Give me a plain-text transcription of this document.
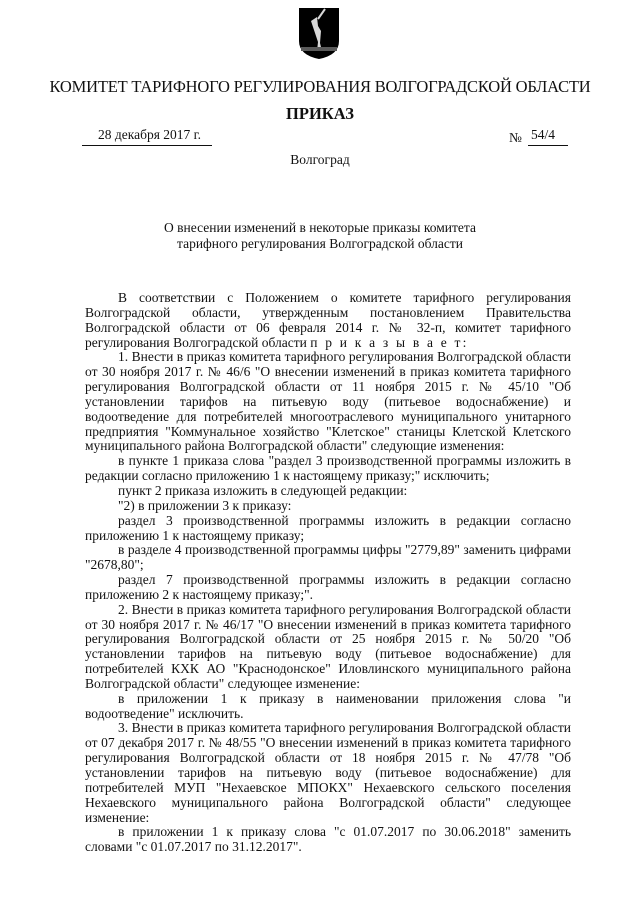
КОМИТЕТ ТАРИФНОГО РЕГУЛИРОВАНИЯ ВОЛГОГРАДСКОЙ ОБЛАСТИ
ПРИКАЗ
28 декабря 2017 г.	№ 54/4
Волгоград
О внесении изменений в некоторые приказы комитета
тарифного регулирования Волгоградской области

В соответствии с Положением о комитете тарифного регулирования Волгоградской области, утвержденным постановлением Правительства Волгоградской области от 06 февраля 2014 г. № 32-п, комитет тарифного регулирования Волгоградской области п р и к а з ы в а е т:

1. Внести в приказ комитета тарифного регулирования Волгоградской области от 30 ноября 2017 г. № 46/6 "О внесении изменений в приказ комитета тарифного регулирования Волгоградской области от 11 ноября 2015 г. № 45/10 "Об установлении тарифов на питьевую воду (питьевое водоснабжение) и водоотведение для потребителей многоотраслевого муниципального унитарного предприятия "Коммунальное хозяйство "Клетское" станицы Клетской Клетского муниципального района Волгоградской области" следующие изменения:

в пункте 1 приказа слова "раздел 3 производственной программы изложить в редакции согласно приложению 1 к настоящему приказу;" исключить;

пункт 2 приказа изложить в следующей редакции:

"2) в приложении 3 к приказу:

раздел 3 производственной программы изложить в редакции согласно приложению 1 к настоящему приказу;

в разделе 4 производственной программы цифры "2779,89" заменить цифрами "2678,80";

раздел 7 производственной программы изложить в редакции согласно приложению 2 к настоящему приказу;".

2. Внести в приказ комитета тарифного регулирования Волгоградской области от 30 ноября 2017 г. № 46/17 "О внесении изменений в приказ комитета тарифного регулирования Волгоградской области от 25 ноября 2015 г. № 50/20 "Об установлении тарифов на питьевую воду (питьевое водоснабжение) для потребителей КХК АО "Краснодонское" Иловлинского муниципального района Волгоградской области" следующее изменение:

в приложении 1 к приказу в наименовании приложения слова "и водоотведение" исключить.

3. Внести в приказ комитета тарифного регулирования Волгоградской области от 07 декабря 2017 г. № 48/55 "О внесении изменений в приказ комитета тарифного регулирования Волгоградской области от 18 ноября 2015 г. № 47/78 "Об установлении тарифов на питьевую воду (питьевое водоснабжение) для потребителей МУП "Нехаевское МПОКХ" Нехаевского сельского поселения Нехаевского муниципального района Волгоградской области" следующее изменение:

в приложении 1 к приказу слова "с 01.07.2017 по 30.06.2018" заменить словами "с 01.07.2017 по 31.12.2017".
